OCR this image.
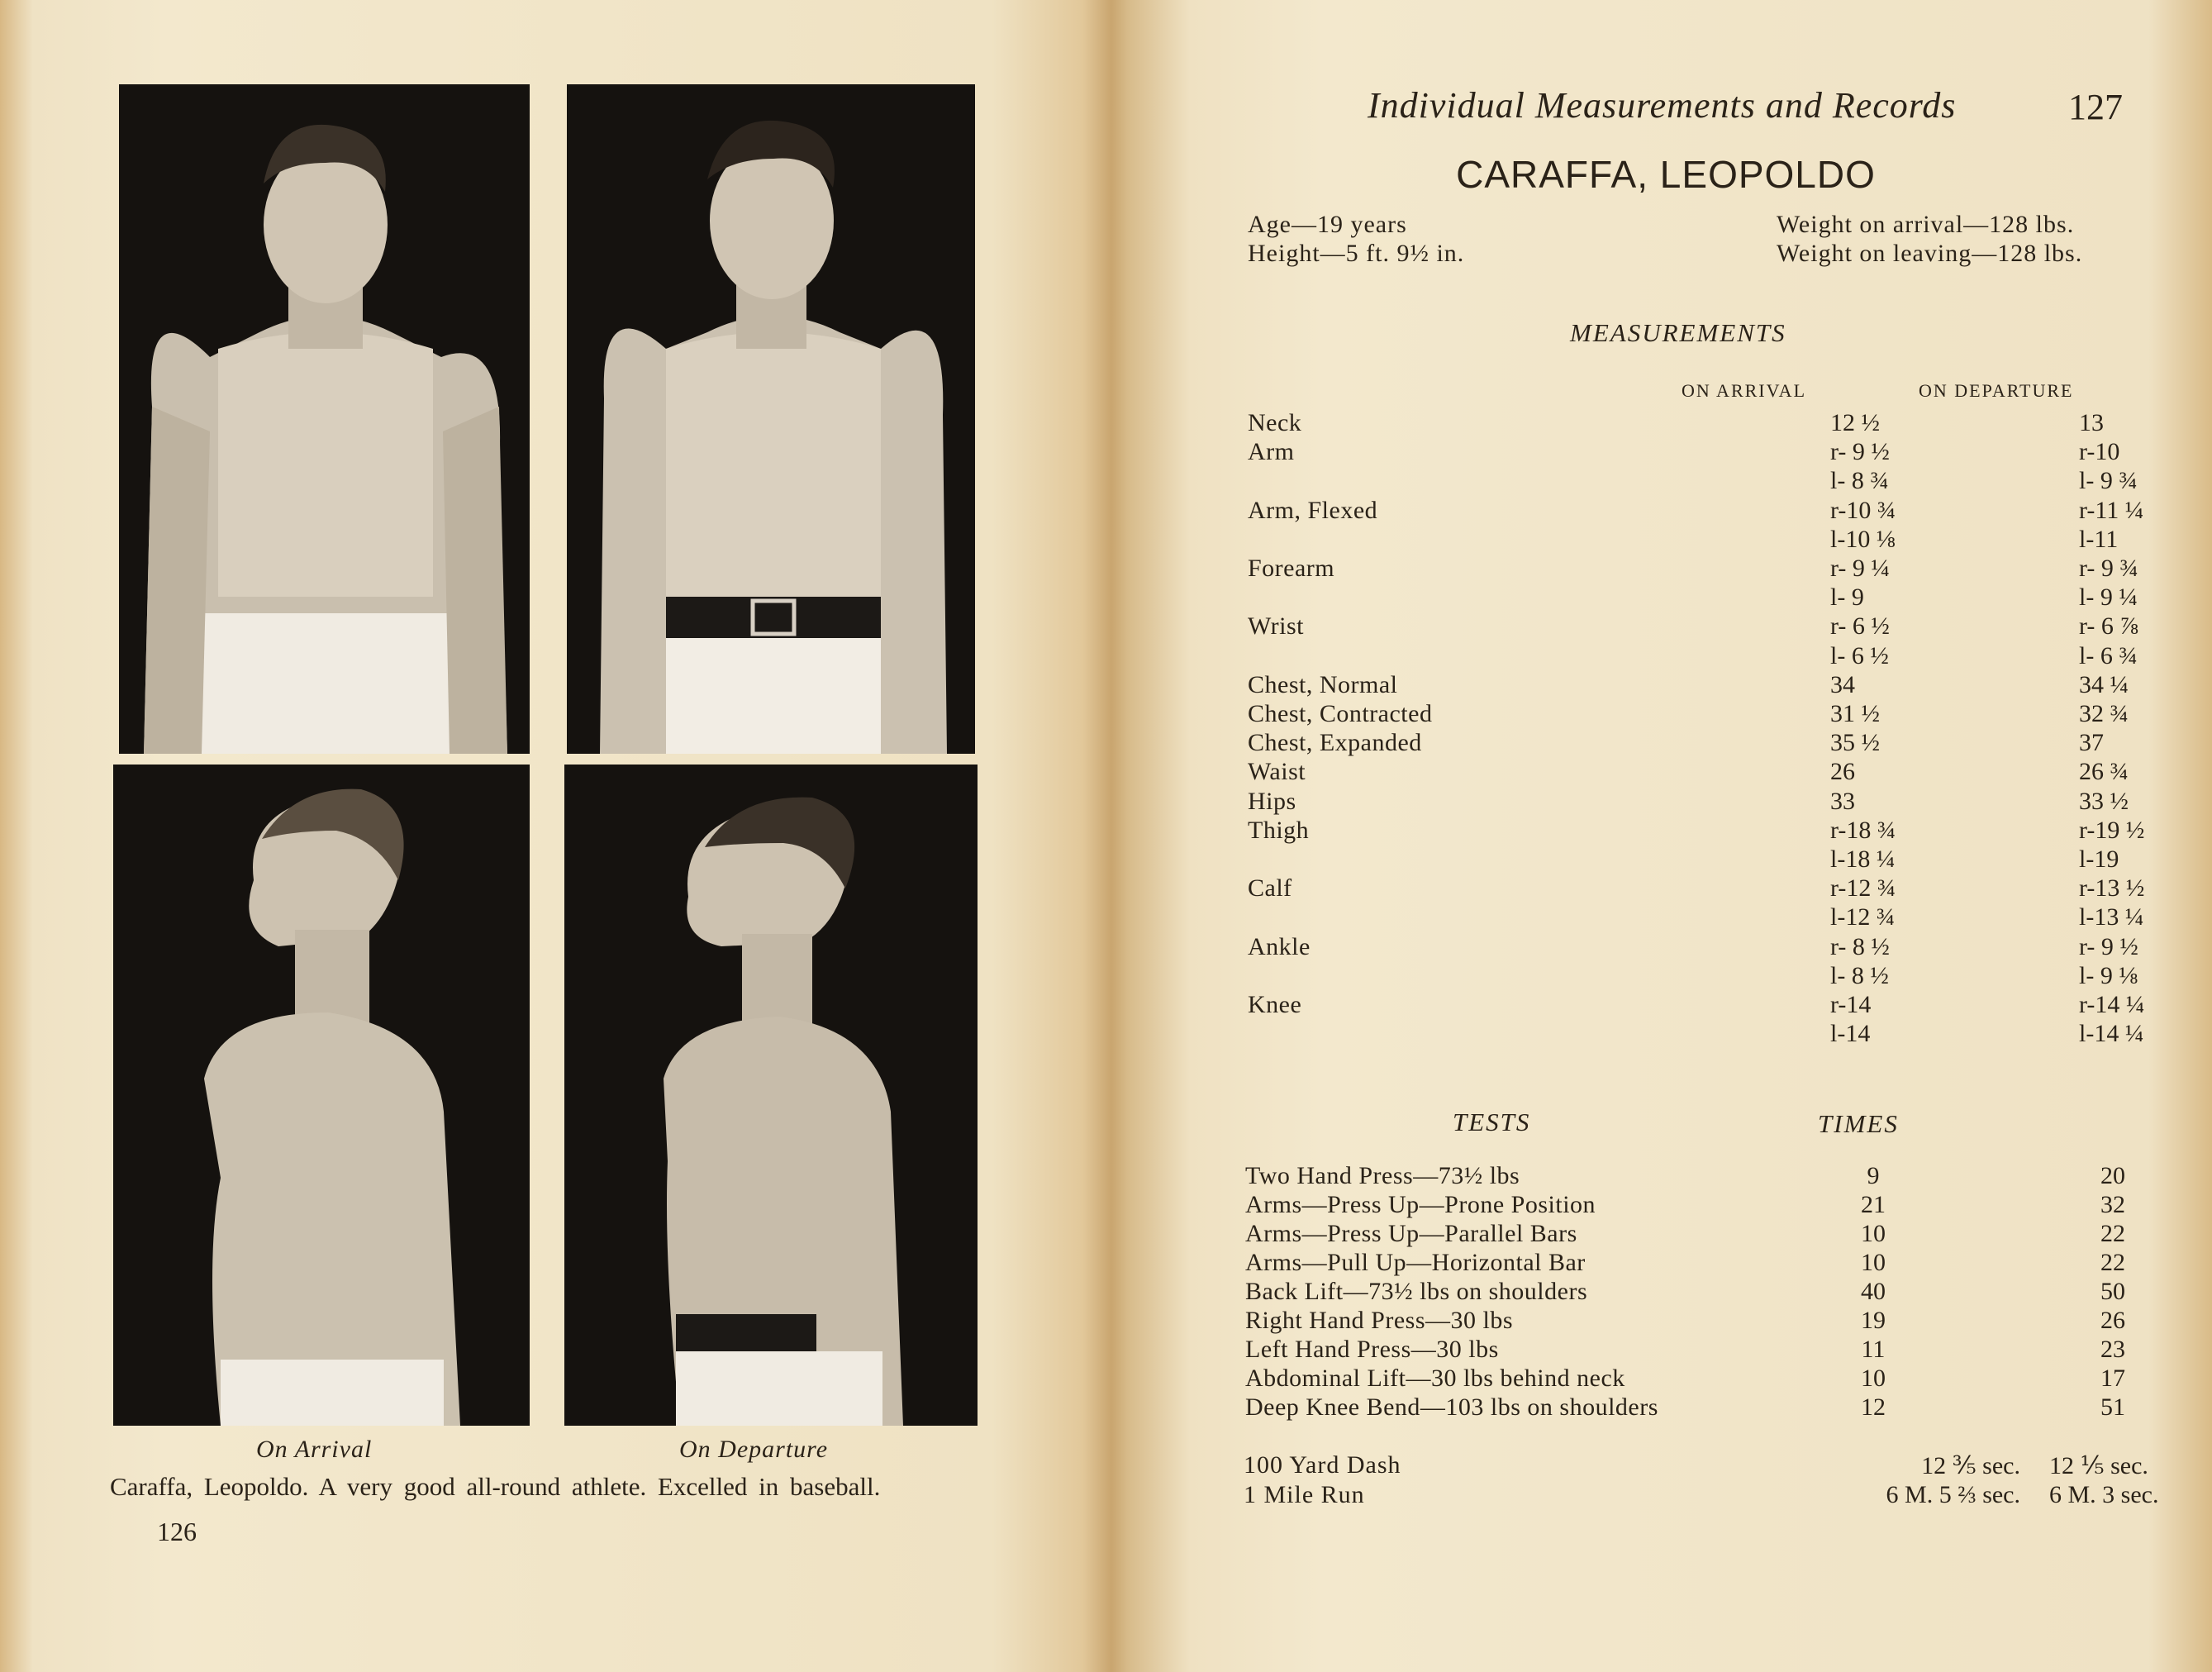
On Arrival	On Departure
Caraffa, Leopoldo. A very good all-round athlete. Excelled in baseball.
126
Individual Measurements and Records	127
CARAFFA, LEOPOLDO
Age—19 years
Height—5 ft. 9½ in.
Weight on arrival—128 lbs.
Weight on leaving—128 lbs.
MEASUREMENTS
ON ARRIVAL	ON DEPARTURE
Neck	12 ½	13
Arm	r- 9 ½	r-10
l- 8 ¾	l- 9 ¾
Arm, Flexed	r-10 ¾	r-11 ¼
l-10 ⅛	l-11
Forearm	r- 9 ¼	r- 9 ¾
l- 9	l- 9 ¼
Wrist	r- 6 ½	r- 6 ⅞
l- 6 ½	l- 6 ¾
Chest, Normal	34	34 ¼
Chest, Contracted	31 ½	32 ¾
Chest, Expanded	35 ½	37
Waist	26	26 ¾
Hips	33	33 ½
Thigh	r-18 ¾	r-19 ½
l-18 ¼	l-19
Calf	r-12 ¾	r-13 ½
l-12 ¾	l-13 ¼
Ankle	r- 8 ½	r- 9 ½
l- 8 ½	l- 9 ⅛
Knee	r-14	r-14 ¼
l-14	l-14 ¼
TESTS	TIMES
Two Hand Press—73½ lbs	9	20
Arms—Press Up—Prone Position	21	32
Arms—Press Up—Parallel Bars	10	22
Arms—Pull Up—Horizontal Bar	10	22
Back Lift—73½ lbs on shoulders	40	50
Right Hand Press—30 lbs	19	26
Left Hand Press—30 lbs	11	23
Abdominal Lift—30 lbs behind neck	10	17
Deep Knee Bend—103 lbs on shoulders	12	51
100 Yard Dash	12 ⅗ sec. 12 ⅕ sec.
1 Mile Run	6 M. 5 ⅔ sec. 6 M. 3 sec.
